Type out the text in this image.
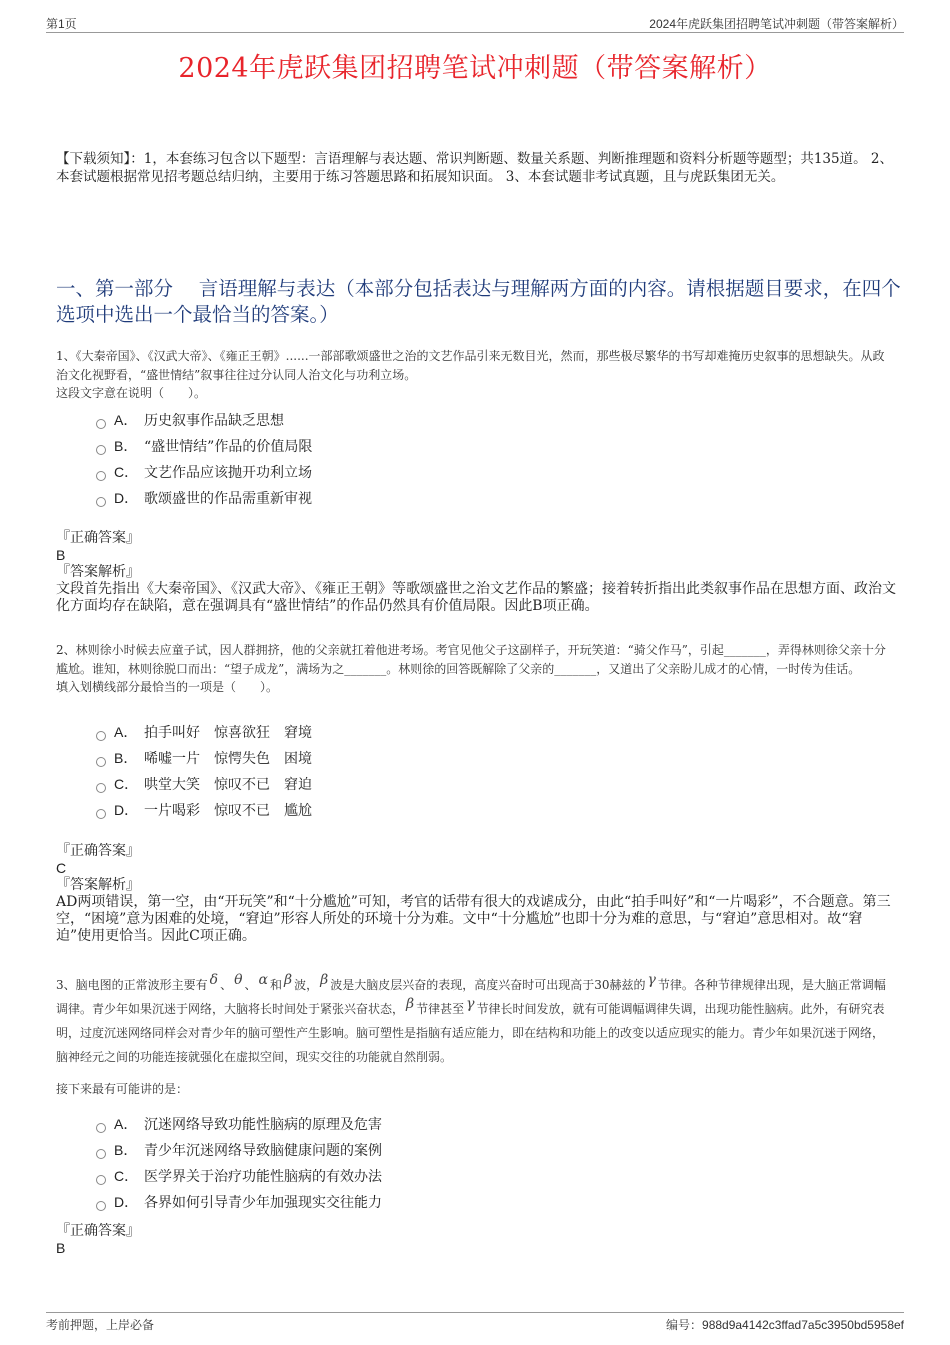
第1页	2024年虎跃集团招聘笔试冲刺题（带答案解析）
2024年虎跃集团招聘笔试冲刺题（带答案解析）
【下载须知】：1，本套练习包含以下题型：言语理解与表达题、常识判断题、数量关系题、判断推理题和资料分析题等题型；共135道。 2、本套试题根据常见招考题总结归纳，主要用于练习答题思路和拓展知识面。 3、本套试题非考试真题，且与虎跃集团无关。
一、第一部分　 言语理解与表达（本部分包括表达与理解两方面的内容。请根据题目要求，在四个选项中选出一个最恰当的答案。）
1、《大秦帝国》、《汉武大帝》、《雍正王朝》......一部部歌颂盛世之治的文艺作品引来无数目光，然而，那些极尽繁华的书写却难掩历史叙事的思想缺失。从政治文化视野看，“盛世情结”叙事往往过分认同人治文化与功利立场。
这段文字意在说明（　　）。
A． 历史叙事作品缺乏思想
B． “盛世情结”作品的价值局限
C． 文艺作品应该抛开功利立场
D． 歌颂盛世的作品需重新审视
『正确答案』
B
『答案解析』
文段首先指出《大秦帝国》、《汉武大帝》、《雍正王朝》等歌颂盛世之治文艺作品的繁盛；接着转折指出此类叙事作品在思想方面、政治文化方面均存在缺陷，意在强调具有“盛世情结”的作品仍然具有价值局限。因此B项正确。
2、林则徐小时候去应童子试，因人群拥挤，他的父亲就扛着他进考场。考官见他父子这副样子，开玩笑道：“骑父作马”，引起_______，弄得林则徐父亲十分尴尬。谁知，林则徐脱口而出：“望子成龙”，满场为之_______。林则徐的回答既解除了父亲的_______，又道出了父亲盼儿成才的心情，一时传为佳话。
填入划横线部分最恰当的一项是（　　）。
A． 拍手叫好　惊喜欲狂　窘境
B． 唏嘘一片　惊愕失色　困境
C． 哄堂大笑　惊叹不已　窘迫
D． 一片喝彩　惊叹不已　尴尬
『正确答案』
C
『答案解析』
AD两项错误，第一空，由“开玩笑”和“十分尴尬”可知，考官的话带有很大的戏谑成分，由此“拍手叫好”和“一片喝彩”，不合题意。第三空，“困境”意为困难的处境，“窘迫”形容人所处的环境十分为难。文中“十分尴尬”也即十分为难的意思，与“窘迫”意思相对。故“窘迫”使用更恰当。因此C项正确。
3、脑电图的正常波形主要有 δ 、 θ 、 α 和 β 波， β 波是大脑皮层兴奋的表现，高度兴奋时可出现高于30赫兹的 γ 节律。各种节律规律出现，是大脑正常调幅调律。青少年如果沉迷于网络，大脑将长时间处于紧张兴奋状态， β 节律甚至 γ 节律长时间发放，就有可能调幅调律失调，出现功能性脑病。此外，有研究表明，过度沉迷网络同样会对青少年的脑可塑性产生影响。脑可塑性是指脑有适应能力，即在结构和功能上的改变以适应现实的能力。青少年如果沉迷于网络，脑神经元之间的功能连接就强化在虚拟空间，现实交往的功能就自然削弱。
接下来最有可能讲的是：
A． 沉迷网络导致功能性脑病的原理及危害
B． 青少年沉迷网络导致脑健康问题的案例
C． 医学界关于治疗功能性脑病的有效办法
D． 各界如何引导青少年加强现实交往能力
『正确答案』
B
考前押题，上岸必备	编号：988d9a4142c3ffad7a5c3950bd5958ef
